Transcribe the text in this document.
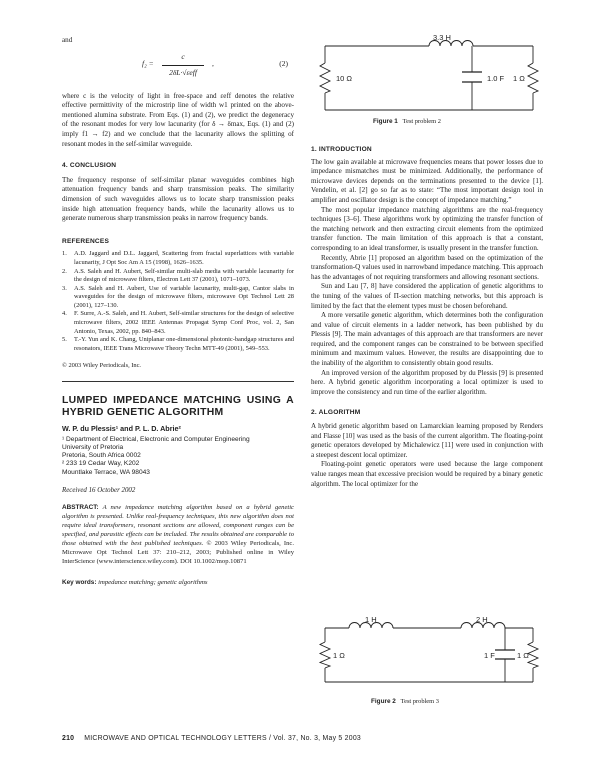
and

f₂ =
c
2δL·√εeff
,	(2)

where c is the velocity of light in free-space and εeff denotes the relative effective permittivity of the microstrip line of width w1 printed on the above-mentioned alumina substrate. From Eqs. (1) and (2), we predict the degeneracy of the resonant modes for very low lacunarity (for δ → δmax, Eqs. (1) and (2) imply f1 → f2) and we conclude that the lacunarity allows the splitting of resonant modes in the self-similar waveguide.

4. CONCLUSION

The frequency response of self-similar planar waveguides combines high attenuation frequency bands and sharp transmission peaks. The similarity dimension of such waveguides allows us to locate sharp transmission peaks inside high attenuation frequency bands, while the lacunarity allows us to generate numerous sharp transmission peaks in narrow frequency bands.

REFERENCES

1. A.D. Jaggard and D.L. Jaggard, Scattering from fractal superlattices with variable lacunarity, J Opt Soc Am A 15 (1998), 1626–1635.
2. A.S. Saleh and H. Aubert, Self-similar multi-slab media with variable lacunarity for the design of microwave filters, Electron Lett 37 (2001), 1071–1073.
3. A.S. Saleh and H. Aubert, Use of variable lacunarity, multi-gap, Cantor slabs in waveguides for the design of microwave filters, microwave Opt Technol Lett 28 (2001), 127–130.
4. F. Surre, A.-S. Saleh, and H. Aubert, Self-similar structures for the design of selective microwave filters, 2002 IEEE Antennas Propagat Symp Conf Proc, vol. 2, San Antonio, Texas, 2002, pp. 840–843.
5. T.-Y. Yun and K. Chang, Uniplanar one-dimensional photonic-bandgap structures and resonators, IEEE Trans Microwave Theory Techn MTT-49 (2001), 549–553.

© 2003 Wiley Periodicals, Inc.

LUMPED IMPEDANCE MATCHING USING A HYBRID GENETIC ALGORITHM

W. P. du Plessis¹ and P. L. D. Abrie²

¹ Department of Electrical, Electronic and Computer Engineering

University of Pretoria

Pretoria, South Africa 0002

² 233 19 Cedar Way, K202

Mountlake Terrace, WA 98043

Received 16 October 2002

ABSTRACT: A new impedance matching algorithm based on a hybrid genetic algorithm is presented. Unlike real-frequency techniques, this new algorithm does not require ideal transformers, resonant sections are allowed, component ranges can be specified, and parasitic effects can be included. The results obtained are comparable to those obtained with the best published techniques. © 2003 Wiley Periodicals, Inc. Microwave Opt Technol Lett 37: 210–212, 2003; Published online in Wiley InterScience (www.interscience.wiley.com). DOI 10.1002/mop.10871

Key words: impedance matching; genetic algorithms

3.3 H
10 Ω	1.0 F 1 Ω
Figure 1 Test problem 2

1. INTRODUCTION

The low gain available at microwave frequencies means that power losses due to impedance mismatches must be minimized. Additionally, the performance of microwave devices depends on the terminations presented to the device [1]. Vendelin, et al. [2] go so far as to state: “The most important design tool in amplifier and oscillator design is the concept of impedance matching.”

The most popular impedance matching algorithms are the real-frequency techniques [3–6]. These algorithms work by optimizing the transfer function of the matching network and then extracting circuit elements from the optimized transfer function. The main limitation of this approach is that a constant, corresponding to an ideal transformer, is usually present in the transfer function.

Recently, Abrie [1] proposed an algorithm based on the optimization of the transformation-Q values used in narrowband impedance matching. This approach has the advantages of not requiring transformers and allowing resonant sections.

Sun and Lau [7, 8] have considered the application of genetic algorithms to the tuning of the values of Π-section matching networks, but this approach is limited by the fact that the element types must be chosen beforehand.

A more versatile genetic algorithm, which determines both the configuration and value of circuit elements in a ladder network, has been published by du Plessis [9]. The main advantages of this approach are that transformers are never required, and the component ranges can be constrained to be between specified minimum and maximum values. However, the results are disappointing due to the inability of the algorithm to consistently obtain good results.

An improved version of the algorithm proposed by du Plessis [9] is presented here. A hybrid genetic algorithm incorporating a local optimizer is used to improve the consistency and run time of the earlier algorithm.

2. ALGORITHM

A hybrid genetic algorithm based on Lamarckian learning proposed by Renders and Flasse [10] was used as the basis of the current algorithm. The floating-point genetic operators developed by Michalewicz [11] were used in conjunction with a steepest descent local optimizer.

Floating-point genetic operators were used because the large component value ranges mean that excessive precision would be required by a binary genetic algorithm. The local optimizer for the

1 H	2 H
1 Ω	1 F	1 Ω
Figure 2 Test problem 3
210 MICROWAVE AND OPTICAL TECHNOLOGY LETTERS / Vol. 37, No. 3, May 5 2003
